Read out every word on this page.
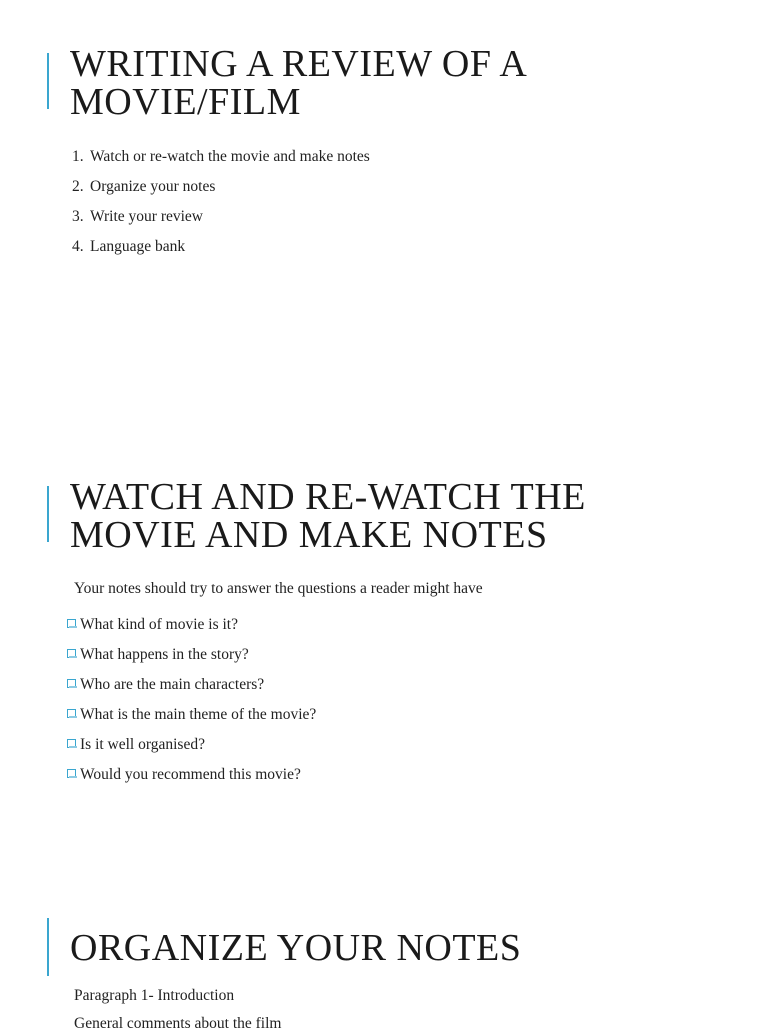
WRITING A REVIEW OF A
MOVIE/FILM
1. Watch or re-watch the movie and make notes
2. Organize your notes
3. Write your review
4. Language bank
WATCH AND RE-WATCH THE
MOVIE AND MAKE NOTES
Your notes should try to answer the questions a reader might have
What kind of movie is it?
What happens in the story?
Who are the main characters?
What is the main theme of the movie?
Is it well organised?
Would you recommend this movie?
ORGANIZE YOUR NOTES
Paragraph 1- Introduction
General comments about the film
